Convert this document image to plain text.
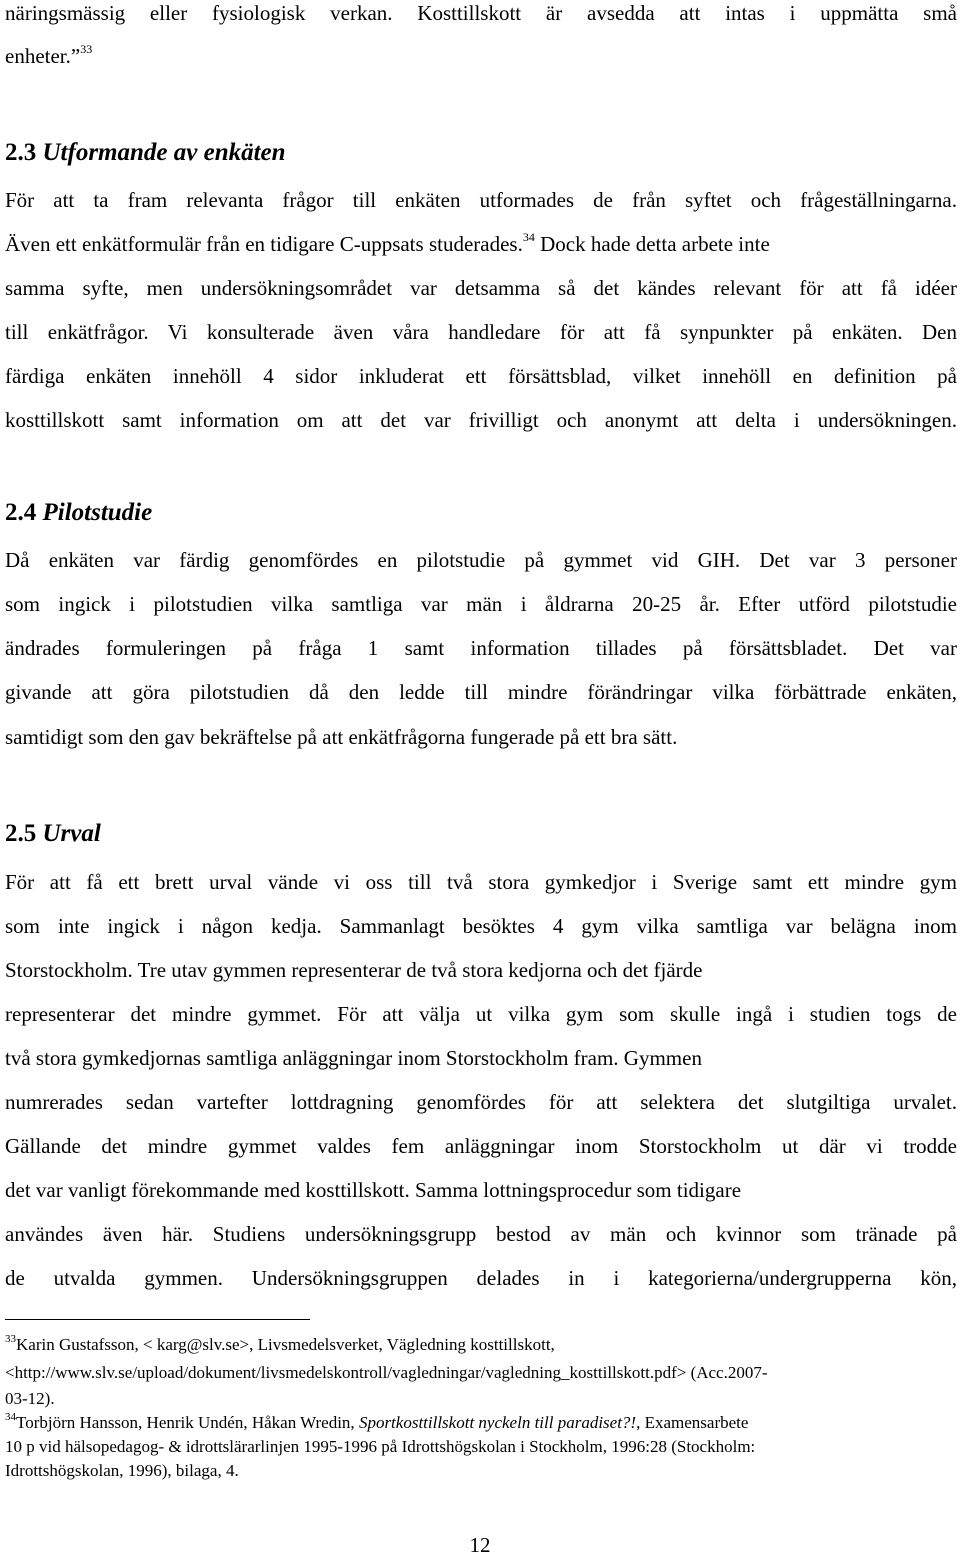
näringsmässig eller fysiologisk verkan. Kosttillskott är avsedda att intas i uppmätta små
enheter.”$^{33}$
2.3 Utformande av enkäten
För att ta fram relevanta frågor till enkäten utformades de från syftet och frågeställningarna.
Även ett enkätformulär från en tidigare C-uppsats studerades.$^{34}$ Dock hade detta arbete inte
samma syfte, men undersökningsområdet var detsamma så det kändes relevant för att få idéer
till enkätfrågor. Vi konsulterade även våra handledare för att få synpunkter på enkäten. Den
färdiga enkäten innehöll 4 sidor inkluderat ett försättsblad, vilket innehöll en definition på
kosttillskott samt information om att det var frivilligt och anonymt att delta i undersökningen.
2.4 Pilotstudie
Då enkäten var färdig genomfördes en pilotstudie på gymmet vid GIH. Det var 3 personer
som ingick i pilotstudien vilka samtliga var män i åldrarna 20-25 år. Efter utförd pilotstudie
ändrades formuleringen på fråga 1 samt information tillades på försättsbladet. Det var
givande att göra pilotstudien då den ledde till mindre förändringar vilka förbättrade enkäten,
samtidigt som den gav bekräftelse på att enkätfrågorna fungerade på ett bra sätt.
2.5 Urval
För att få ett brett urval vände vi oss till två stora gymkedjor i Sverige samt ett mindre gym
som inte ingick i någon kedja. Sammanlagt besöktes 4 gym vilka samtliga var belägna inom
Storstockholm. Tre utav gymmen representerar de två stora kedjorna och det fjärde
representerar det mindre gymmet. För att välja ut vilka gym som skulle ingå i studien togs de
två stora gymkedjornas samtliga anläggningar inom Storstockholm fram. Gymmen
numrerades sedan vartefter lottdragning genomfördes för att selektera det slutgiltiga urvalet.
Gällande det mindre gymmet valdes fem anläggningar inom Storstockholm ut där vi trodde
det var vanligt förekommande med kosttillskott. Samma lottningsprocedur som tidigare
användes även här. Studiens undersökningsgrupp bestod av män och kvinnor som tränade på
de utvalda gymmen. Undersökningsgruppen delades in i kategorierna/undergrupperna kön,
$^{33}$Karin Gustafsson, < karg@slv.se>, Livsmedelsverket, Vägledning kosttillskott,
<http://www.slv.se/upload/dokument/livsmedelskontroll/vagledningar/vagledning_kosttillskott.pdf> (Acc.2007-
03-12).
$^{34}$Torbjörn Hansson, Henrik Undén, Håkan Wredin, Sportkosttillskott nyckeln till paradiset?!, Examensarbete
10 p vid hälsopedagog- & idrottslärarlinjen 1995-1996 på Idrottshögskolan i Stockholm, 1996:28 (Stockholm:
Idrottshögskolan, 1996), bilaga, 4.
12
